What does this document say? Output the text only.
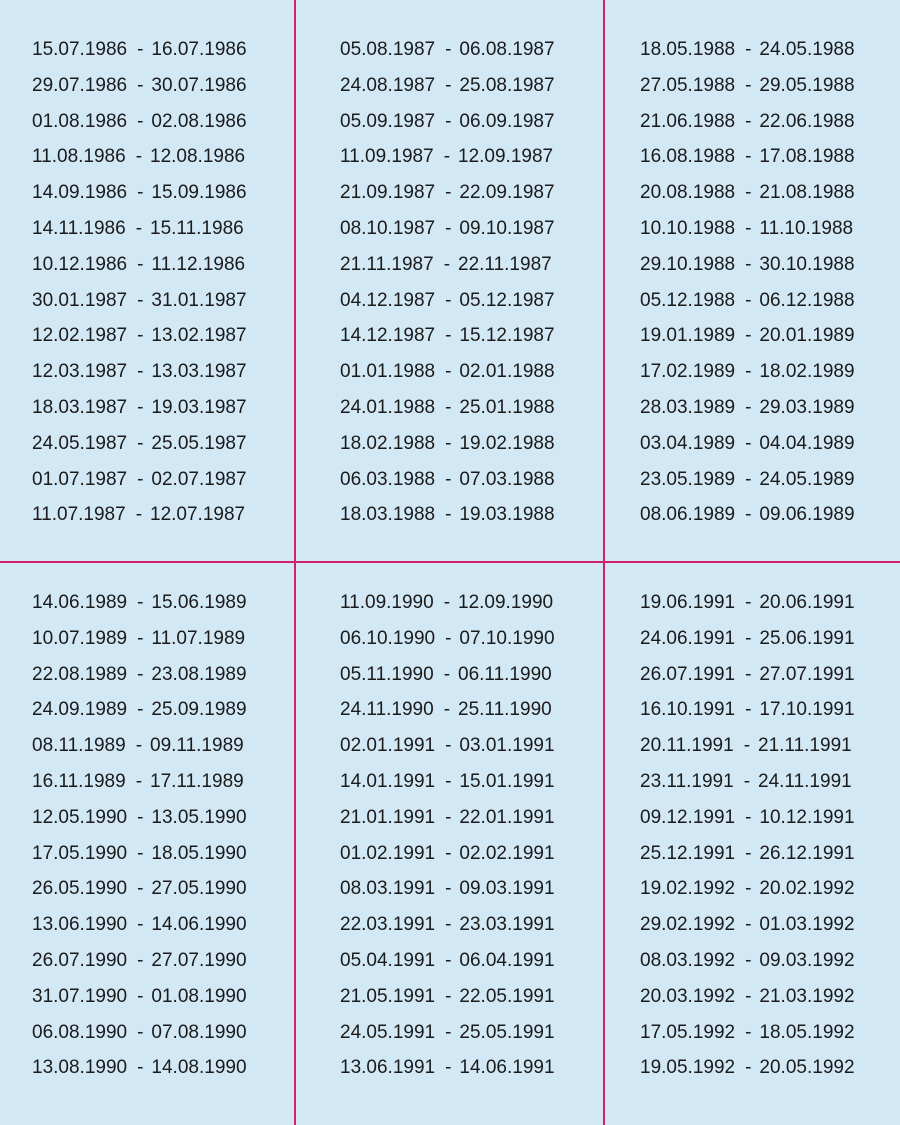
15.07.1986 - 16.07.1986
29.07.1986 - 30.07.1986
01.08.1986 - 02.08.1986
11.08.1986 - 12.08.1986
14.09.1986 - 15.09.1986
14.11.1986 - 15.11.1986
10.12.1986 - 11.12.1986
30.01.1987 - 31.01.1987
12.02.1987 - 13.02.1987
12.03.1987 - 13.03.1987
18.03.1987 - 19.03.1987
24.05.1987 - 25.05.1987
01.07.1987 - 02.07.1987
11.07.1987 - 12.07.1987
05.08.1987 - 06.08.1987
24.08.1987 - 25.08.1987
05.09.1987 - 06.09.1987
11.09.1987 - 12.09.1987
21.09.1987 - 22.09.1987
08.10.1987 - 09.10.1987
21.11.1987 - 22.11.1987
04.12.1987 - 05.12.1987
14.12.1987 - 15.12.1987
01.01.1988 - 02.01.1988
24.01.1988 - 25.01.1988
18.02.1988 - 19.02.1988
06.03.1988 - 07.03.1988
18.03.1988 - 19.03.1988
18.05.1988 - 24.05.1988
27.05.1988 - 29.05.1988
21.06.1988 - 22.06.1988
16.08.1988 - 17.08.1988
20.08.1988 - 21.08.1988
10.10.1988 - 11.10.1988
29.10.1988 - 30.10.1988
05.12.1988 - 06.12.1988
19.01.1989 - 20.01.1989
17.02.1989 - 18.02.1989
28.03.1989 - 29.03.1989
03.04.1989 - 04.04.1989
23.05.1989 - 24.05.1989
08.06.1989 - 09.06.1989
14.06.1989 - 15.06.1989
10.07.1989 - 11.07.1989
22.08.1989 - 23.08.1989
24.09.1989 - 25.09.1989
08.11.1989 - 09.11.1989
16.11.1989 - 17.11.1989
12.05.1990 - 13.05.1990
17.05.1990 - 18.05.1990
26.05.1990 - 27.05.1990
13.06.1990 - 14.06.1990
26.07.1990 - 27.07.1990
31.07.1990 - 01.08.1990
06.08.1990 - 07.08.1990
13.08.1990 - 14.08.1990
11.09.1990 - 12.09.1990
06.10.1990 - 07.10.1990
05.11.1990 - 06.11.1990
24.11.1990 - 25.11.1990
02.01.1991 - 03.01.1991
14.01.1991 - 15.01.1991
21.01.1991 - 22.01.1991
01.02.1991 - 02.02.1991
08.03.1991 - 09.03.1991
22.03.1991 - 23.03.1991
05.04.1991 - 06.04.1991
21.05.1991 - 22.05.1991
24.05.1991 - 25.05.1991
13.06.1991 - 14.06.1991
19.06.1991 - 20.06.1991
24.06.1991 - 25.06.1991
26.07.1991 - 27.07.1991
16.10.1991 - 17.10.1991
20.11.1991 - 21.11.1991
23.11.1991 - 24.11.1991
09.12.1991 - 10.12.1991
25.12.1991 - 26.12.1991
19.02.1992 - 20.02.1992
29.02.1992 - 01.03.1992
08.03.1992 - 09.03.1992
20.03.1992 - 21.03.1992
17.05.1992 - 18.05.1992
19.05.1992 - 20.05.1992
